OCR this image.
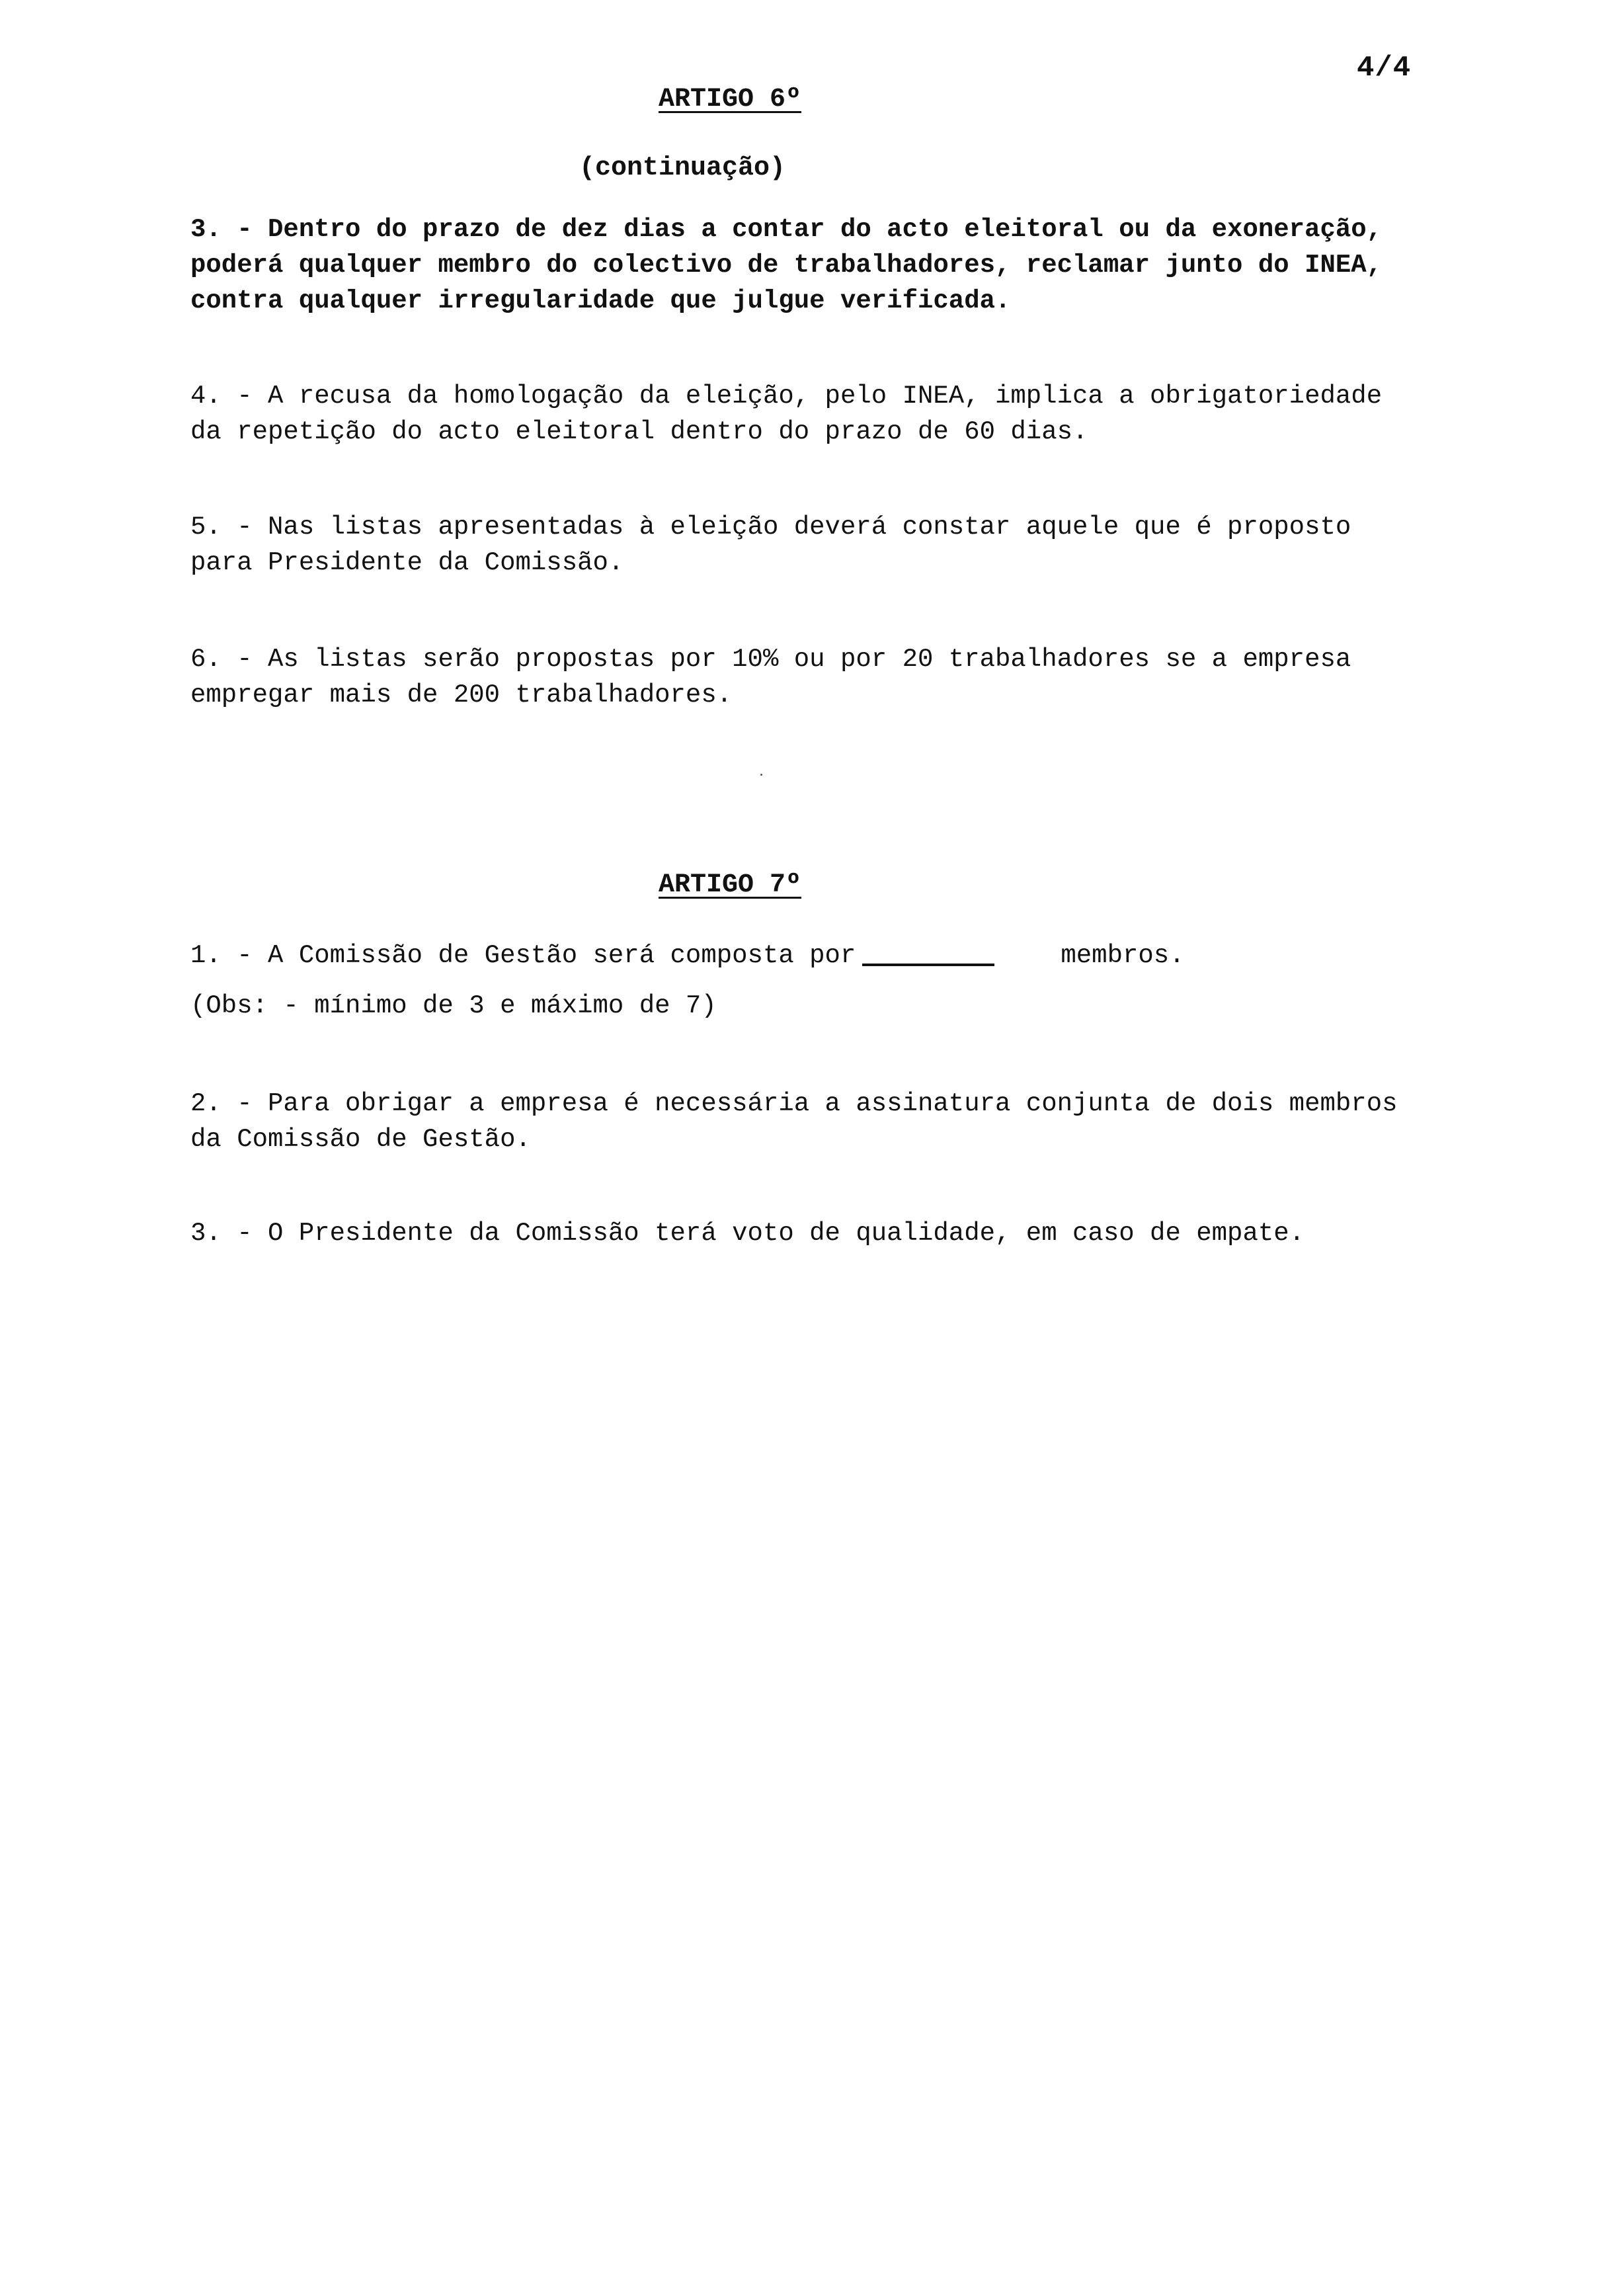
4/4
ARTIGO 6º
(continuação)
3. - Dentro do prazo de dez dias a contar do acto eleitoral ou da exoneração,
poderá qualquer membro do colectivo de trabalhadores, reclamar junto do INEA,
contra qualquer irregularidade que julgue verificada.
4. - A recusa da homologação da eleição, pelo INEA, implica a obrigatoriedade
da repetição do acto eleitoral dentro do prazo de 60 dias.
5. - Nas listas apresentadas à eleição deverá constar aquele que é proposto
para Presidente da Comissão.
6. - As listas serão propostas por 10% ou por 20 trabalhadores se a empresa
empregar mais de 200 trabalhadores.
ARTIGO 7º
1. - A Comissão de Gestão será composta por	membros.
(Obs: - mínimo de 3 e máximo de 7)
2. - Para obrigar a empresa é necessária a assinatura conjunta de dois membros
da Comissão de Gestão.
3. - O Presidente da Comissão terá voto de qualidade, em caso de empate.
